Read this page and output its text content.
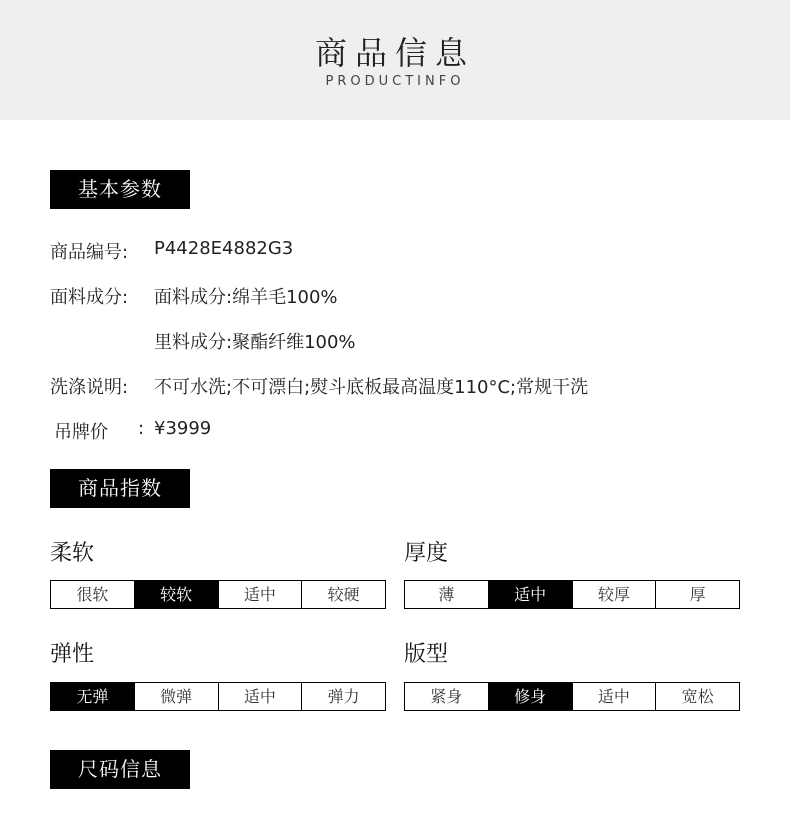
商品信息
PRODUCTINFO
基本参数
商品编号: P4428E4882G3
面料成分: 面料成分:绵羊毛100%
里料成分:聚酯纤维100%
洗涤说明: 不可水洗;不可漂白;熨斗底板最高温度110°C;常规干洗
吊牌价 : ¥3999
商品指数
柔软
很软	较软	适中	较硬
厚度
薄	适中	较厚	厚
弹性
无弹	微弹	适中	弹力
版型
紧身	修身	适中	宽松
尺码信息
